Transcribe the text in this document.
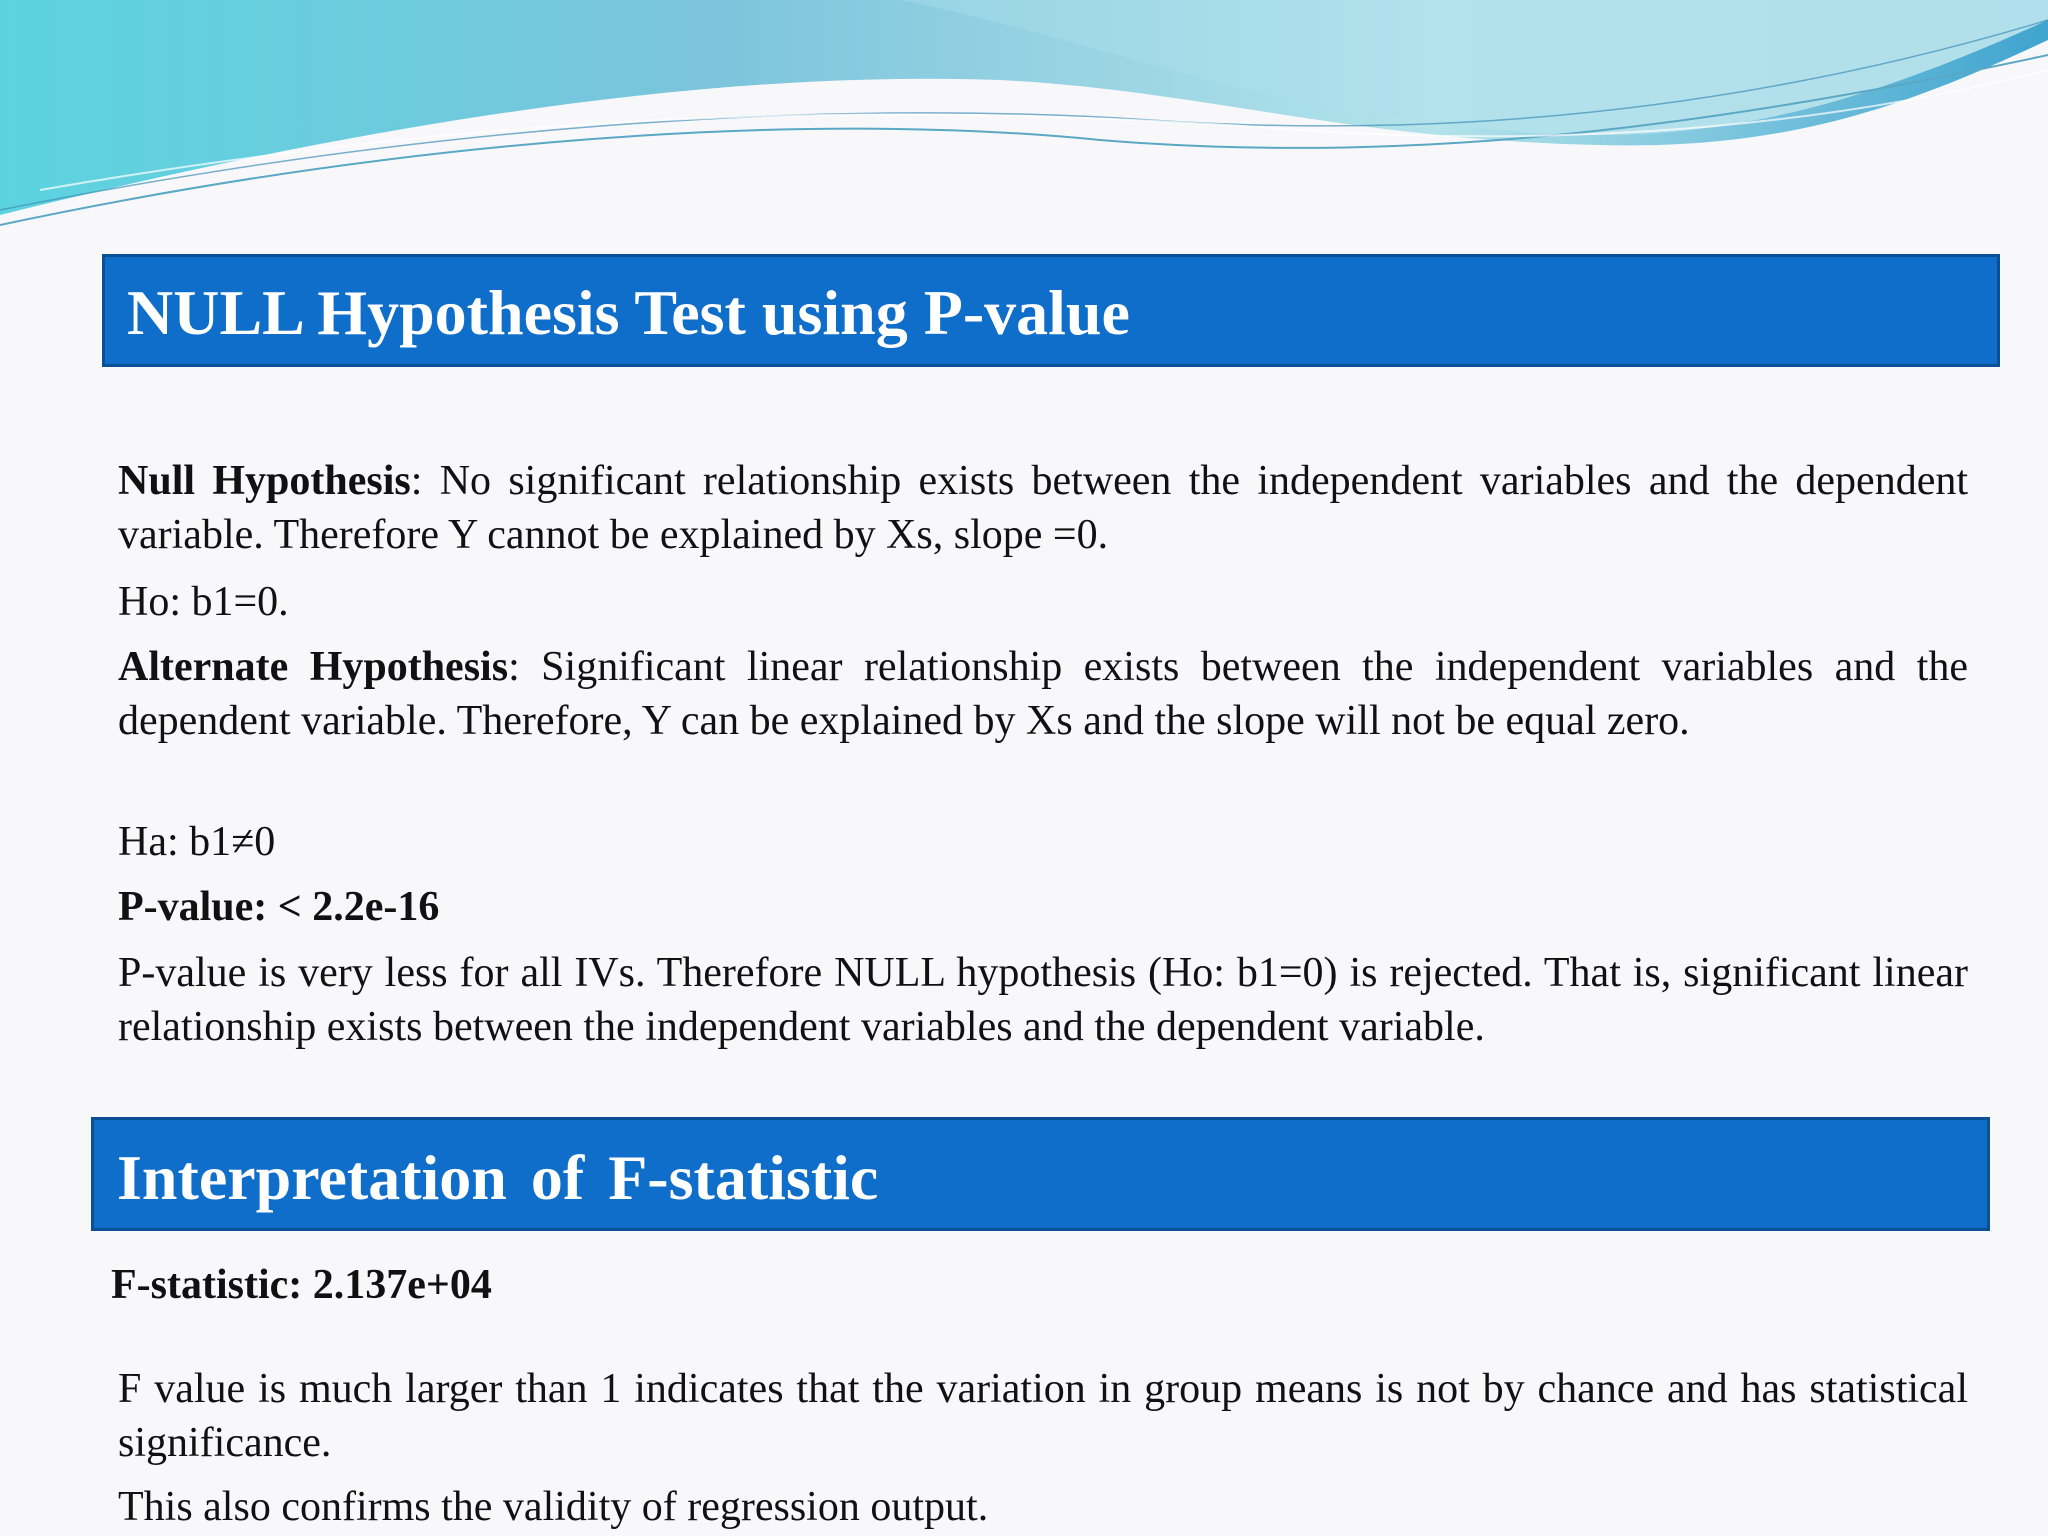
NULL Hypothesis Test using P-value
Null Hypothesis: No significant relationship exists between the independent variables and the dependent variable. Therefore Y cannot be explained by Xs, slope =0.
Ho: b1=0.
Alternate Hypothesis: Significant linear relationship exists between the independent variables and the dependent variable. Therefore, Y can be explained by Xs and the slope will not be equal zero.
Ha: b1≠0
P-value: < 2.2e-16
P-value is very less for all IVs. Therefore NULL hypothesis (Ho: b1=0) is rejected. That is, significant linear relationship exists between the independent variables and the dependent variable.
Interpretation of F-statistic
F-statistic: 2.137e+04
F value is much larger than 1 indicates that the variation in group means is not by chance and has statistical significance.
This also confirms the validity of regression output.
